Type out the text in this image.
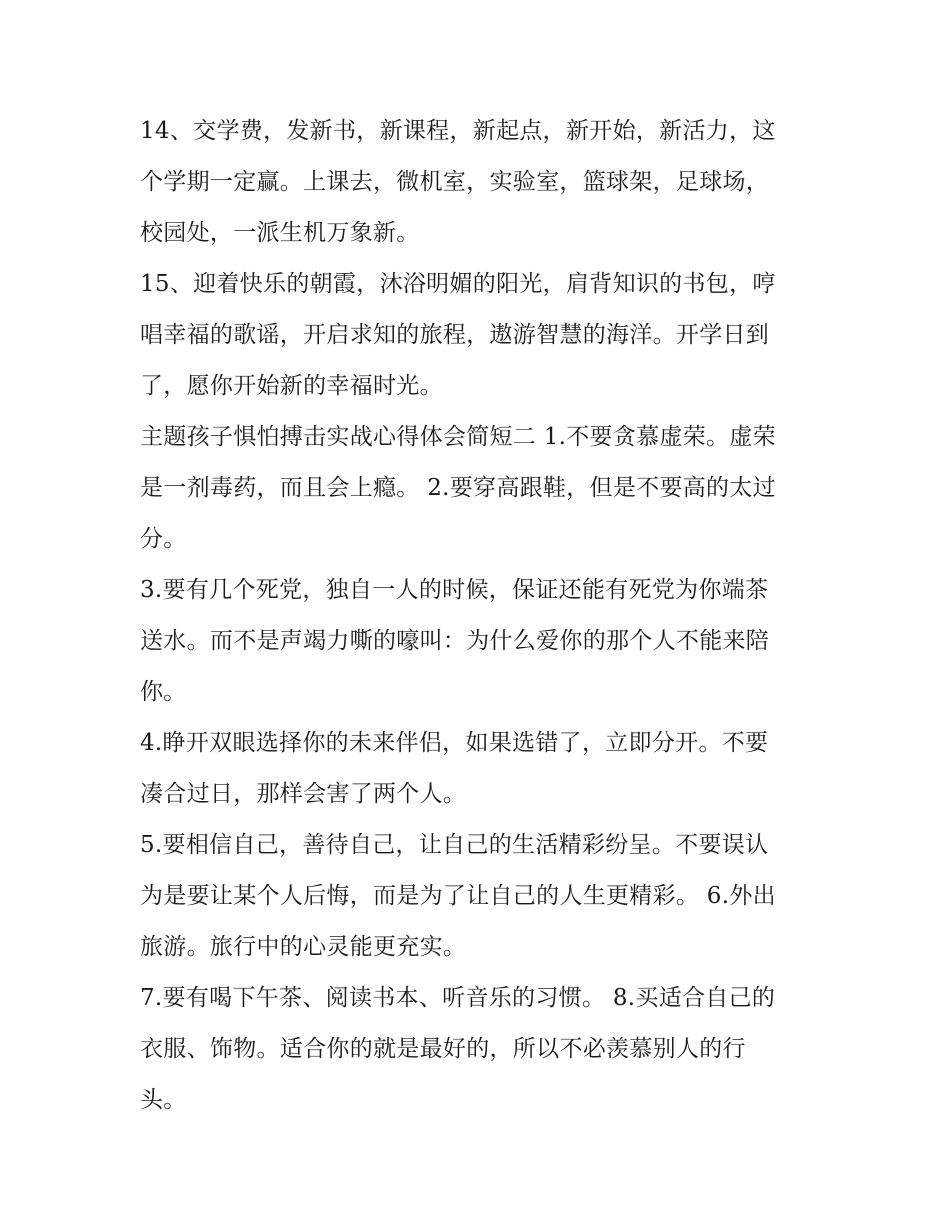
14、交学费，发新书，新课程，新起点，新开始，新活力，这
个学期一定赢。上课去，微机室，实验室，篮球架，足球场，
校园处，一派生机万象新。
15、迎着快乐的朝霞，沐浴明媚的阳光，肩背知识的书包，哼
唱幸福的歌谣，开启求知的旅程，遨游智慧的海洋。开学日到
了，愿你开始新的幸福时光。
主题孩子惧怕搏击实战心得体会简短二 1.不要贪慕虚荣。虚荣
是一剂毒药，而且会上瘾。 2.要穿高跟鞋，但是不要高的太过
分。
3.要有几个死党，独自一人的时候，保证还能有死党为你端茶
送水。而不是声竭力嘶的嚎叫：为什么爱你的那个人不能来陪
你。
4.睁开双眼选择你的未来伴侣，如果选错了，立即分开。不要
凑合过日，那样会害了两个人。
5.要相信自己，善待自己，让自己的生活精彩纷呈。不要误认
为是要让某个人后悔，而是为了让自己的人生更精彩。 6.外出
旅游。旅行中的心灵能更充实。
7.要有喝下午茶、阅读书本、听音乐的习惯。 8.买适合自己的
衣服、饰物。适合你的就是最好的，所以不必羡慕别人的行
头。
